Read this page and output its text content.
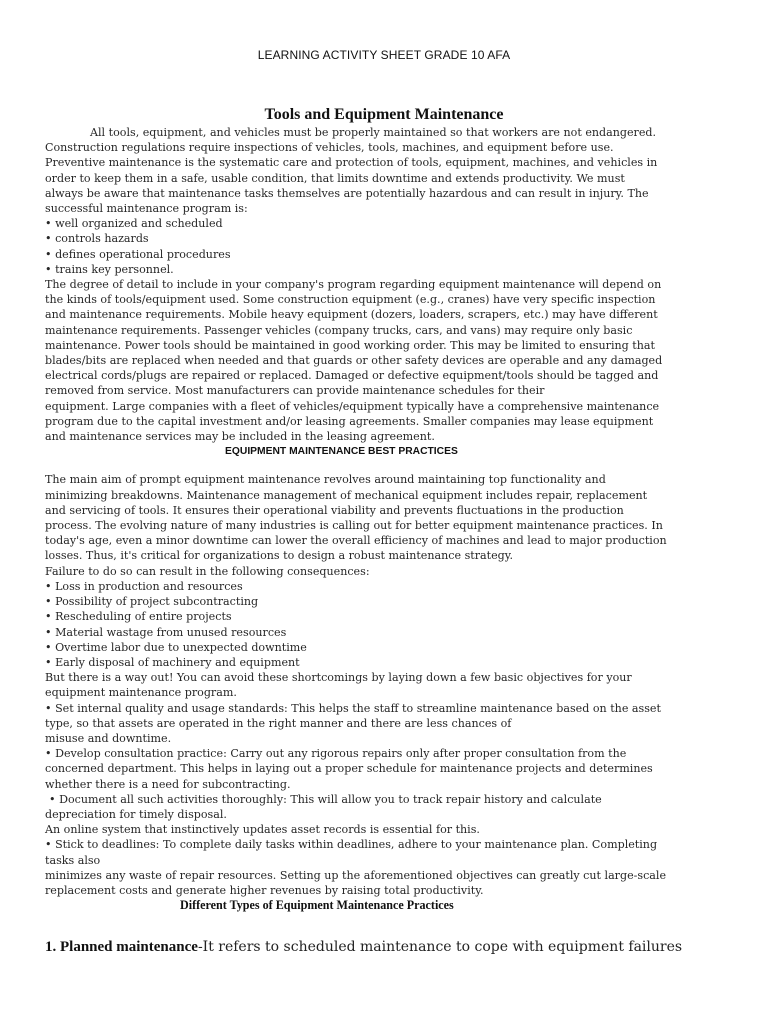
LEARNING ACTIVITY SHEET GRADE 10 AFA
Tools and Equipment Maintenance
All tools, equipment, and vehicles must be properly maintained so that workers are not endangered.
Construction regulations require inspections of vehicles, tools, machines, and equipment before use.
Preventive maintenance is the systematic care and protection of tools, equipment, machines, and vehicles in
order to keep them in a safe, usable condition, that limits downtime and extends productivity. We must
always be aware that maintenance tasks themselves are potentially hazardous and can result in injury. The
successful maintenance program is:
• well organized and scheduled
• controls hazards
• defines operational procedures
• trains key personnel.
The degree of detail to include in your company's program regarding equipment maintenance will depend on
the kinds of tools/equipment used. Some construction equipment (e.g., cranes) have very specific inspection
and maintenance requirements. Mobile heavy equipment (dozers, loaders, scrapers, etc.) may have different
maintenance requirements. Passenger vehicles (company trucks, cars, and vans) may require only basic
maintenance. Power tools should be maintained in good working order. This may be limited to ensuring that
blades/bits are replaced when needed and that guards or other safety devices are operable and any damaged
electrical cords/plugs are repaired or replaced. Damaged or defective equipment/tools should be tagged and
removed from service. Most manufacturers can provide maintenance schedules for their
equipment. Large companies with a fleet of vehicles/equipment typically have a comprehensive maintenance
program due to the capital investment and/or leasing agreements. Smaller companies may lease equipment
and maintenance services may be included in the leasing agreement.
EQUIPMENT MAINTENANCE BEST PRACTICES
The main aim of prompt equipment maintenance revolves around maintaining top functionality and
minimizing breakdowns. Maintenance management of mechanical equipment includes repair, replacement
and servicing of tools. It ensures their operational viability and prevents fluctuations in the production
process. The evolving nature of many industries is calling out for better equipment maintenance practices. In
today's age, even a minor downtime can lower the overall efficiency of machines and lead to major production
losses. Thus, it's critical for organizations to design a robust maintenance strategy.
Failure to do so can result in the following consequences:
• Loss in production and resources
• Possibility of project subcontracting
• Rescheduling of entire projects
• Material wastage from unused resources
• Overtime labor due to unexpected downtime
• Early disposal of machinery and equipment
But there is a way out! You can avoid these shortcomings by laying down a few basic objectives for your
equipment maintenance program.
• Set internal quality and usage standards: This helps the staff to streamline maintenance based on the asset
type, so that assets are operated in the right manner and there are less chances of
misuse and downtime.
• Develop consultation practice: Carry out any rigorous repairs only after proper consultation from the
concerned department. This helps in laying out a proper schedule for maintenance projects and determines
whether there is a need for subcontracting.
• Document all such activities thoroughly: This will allow you to track repair history and calculate
depreciation for timely disposal.
An online system that instinctively updates asset records is essential for this.
• Stick to deadlines: To complete daily tasks within deadlines, adhere to your maintenance plan. Completing
tasks also
minimizes any waste of repair resources. Setting up the aforementioned objectives can greatly cut large-scale
replacement costs and generate higher revenues by raising total productivity.
Different Types of Equipment Maintenance Practices
1. Planned maintenance-It refers to scheduled maintenance to cope with equipment failures
